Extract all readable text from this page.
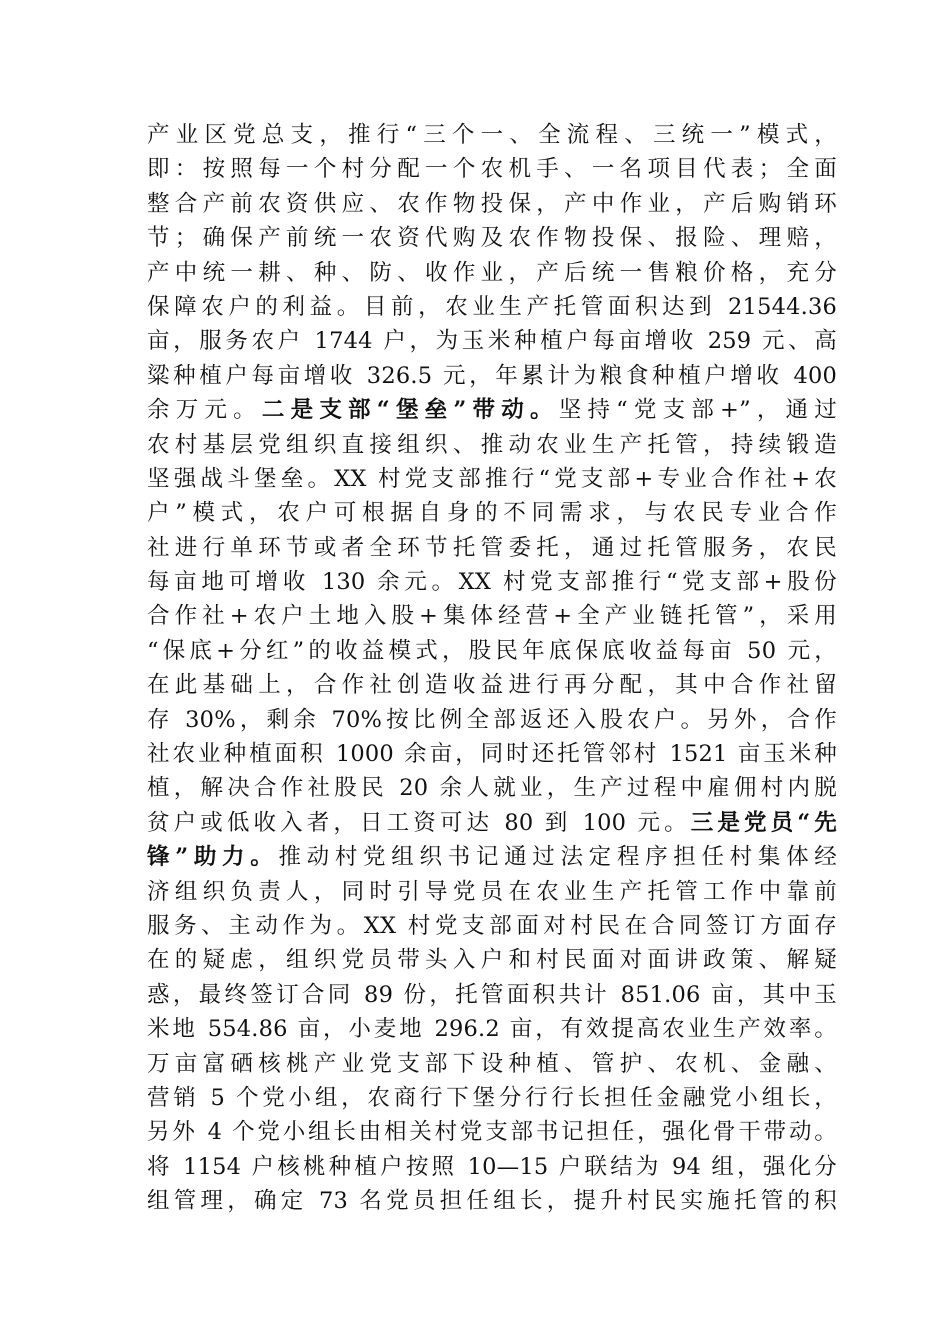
产业区党总支，推行“三个一、全流程、三统一”模式，
即：按照每一个村分配一个农机手、一名项目代表；全面
整合产前农资供应、农作物投保，产中作业，产后购销环
节；确保产前统一农资代购及农作物投保、报险、理赔，
产中统一耕、种、防、收作业，产后统一售粮价格，充分
保障农户的利益。目前，农业生产托管面积达到 21544.36
亩，服务农户 1744 户，为玉米种植户每亩增收 259 元、高
粱种植户每亩增收 326.5 元，年累计为粮食种植户增收 400
余万元。二是支部“堡垒”带动。坚持“党支部+”，通过
农村基层党组织直接组织、推动农业生产托管，持续锻造
坚强战斗堡垒。XX 村党支部推行“党支部+专业合作社+农
户”模式，农户可根据自身的不同需求，与农民专业合作
社进行单环节或者全环节托管委托，通过托管服务，农民
每亩地可增收 130 余元。XX 村党支部推行“党支部+股份
合作社+农户土地入股+集体经营+全产业链托管”，采用
“保底+分红”的收益模式，股民年底保底收益每亩 50 元，
在此基础上，合作社创造收益进行再分配，其中合作社留
存 30%，剩余 70%按比例全部返还入股农户。另外，合作
社农业种植面积 1000 余亩，同时还托管邻村 1521 亩玉米种
植，解决合作社股民 20 余人就业，生产过程中雇佣村内脱
贫户或低收入者，日工资可达 80 到 100 元。三是党员“先
锋”助力。推动村党组织书记通过法定程序担任村集体经
济组织负责人，同时引导党员在农业生产托管工作中靠前
服务、主动作为。XX 村党支部面对村民在合同签订方面存
在的疑虑，组织党员带头入户和村民面对面讲政策、解疑
惑，最终签订合同 89 份，托管面积共计 851.06 亩，其中玉
米地 554.86 亩，小麦地 296.2 亩，有效提高农业生产效率。
万亩富硒核桃产业党支部下设种植、管护、农机、金融、
营销 5 个党小组，农商行下堡分行行长担任金融党小组长，
另外 4 个党小组长由相关村党支部书记担任，强化骨干带动。
将 1154 户核桃种植户按照 10—15 户联结为 94 组，强化分
组管理，确定 73 名党员担任组长，提升村民实施托管的积
